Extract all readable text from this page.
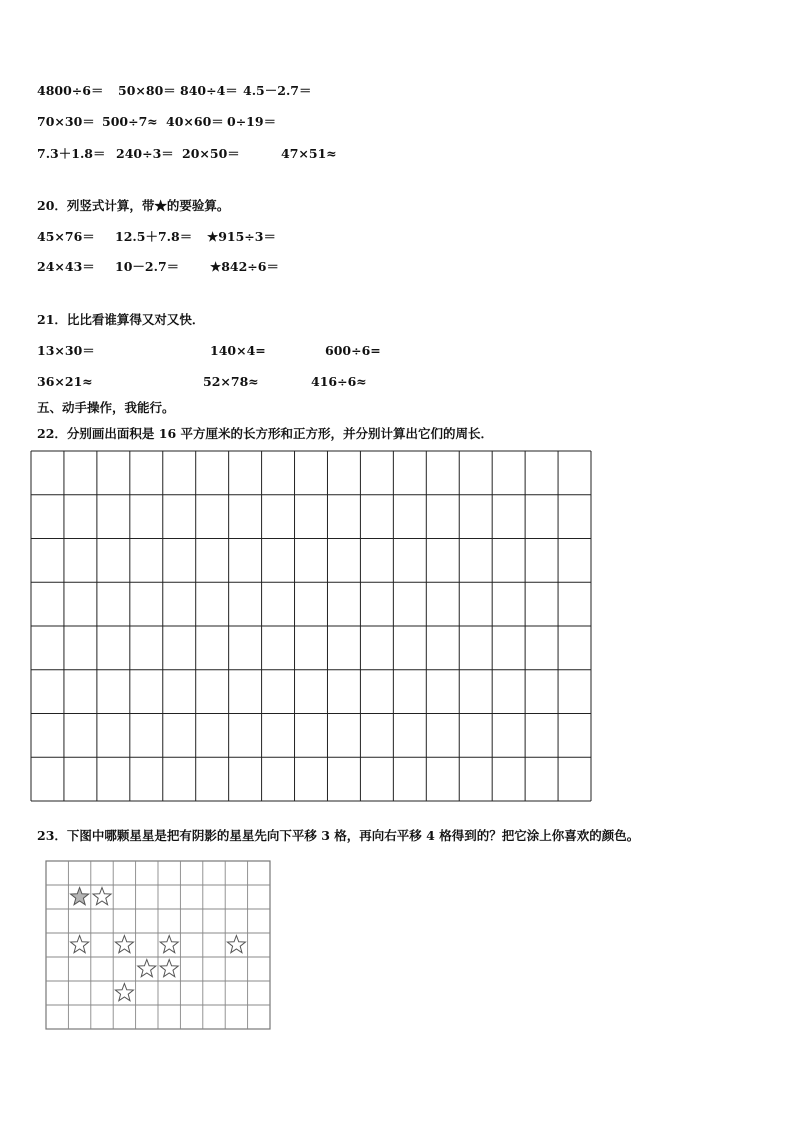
4800÷6＝ 50×80＝ 840÷4＝ 4.5－2.7＝
70×30＝ 500÷7≈ 40×60＝ 0÷19＝
7.3＋1.8＝ 240÷3＝ 20×50＝	47×51≈
20．列竖式计算，带★的要验算。
45×76＝ 12.5＋7.8＝ ★915÷3＝
24×43＝ 10－2.7＝ ★842÷6＝
21．比比看谁算得又对又快．
13×30＝	140×4=	600÷6=
36×21≈	52×78≈	416÷6≈
五、动手操作，我能行。
22．分别画出面积是 16 平方厘米的长方形和正方形，并分别计算出它们的周长．
23．下图中哪颗星星是把有阴影的星星先向下平移 3 格，再向右平移 4 格得到的？把它涂上你喜欢的颜色。
